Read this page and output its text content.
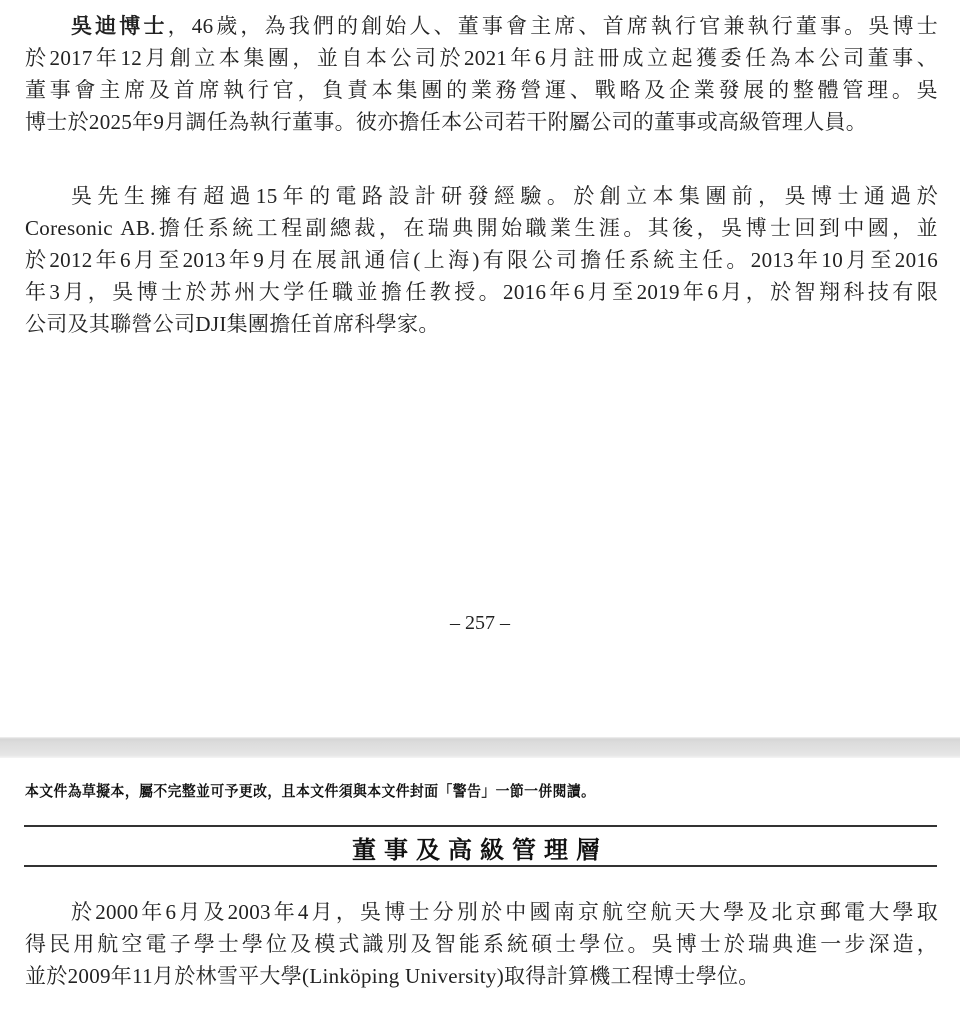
吳迪博士，46歲，為我們的創始人、董事會主席、首席執行官兼執行董事。吳博士
於2017年12月創立本集團，並自本公司於2021年6月註冊成立起獲委任為本公司董事、
董事會主席及首席執行官，負責本集團的業務營運、戰略及企業發展的整體管理。吳
博士於2025年9月調任為執行董事。彼亦擔任本公司若干附屬公司的董事或高級管理人員。
吳先生擁有超過15年的電路設計研發經驗。於創立本集團前，吳博士通過於
Coresonic AB.擔任系統工程副總裁，在瑞典開始職業生涯。其後，吳博士回到中國，並
於2012年6月至2013年9月在展訊通信(上海)有限公司擔任系統主任。2013年10月至2016
年3月，吳博士於苏州大学任職並擔任教授。2016年6月至2019年6月，於智翔科技有限
公司及其聯營公司DJI集團擔任首席科學家。
– 257 –
本文件為草擬本，屬不完整並可予更改，且本文件須與本文件封面「警告」一節一併閱讀。
董事及高級管理層
於2000年6月及2003年4月，吳博士分別於中國南京航空航天大學及北京郵電大學取
得民用航空電子學士學位及模式識別及智能系統碩士學位。吳博士於瑞典進一步深造，
並於2009年11月於林雪平大學(Linköping University)取得計算機工程博士學位。
